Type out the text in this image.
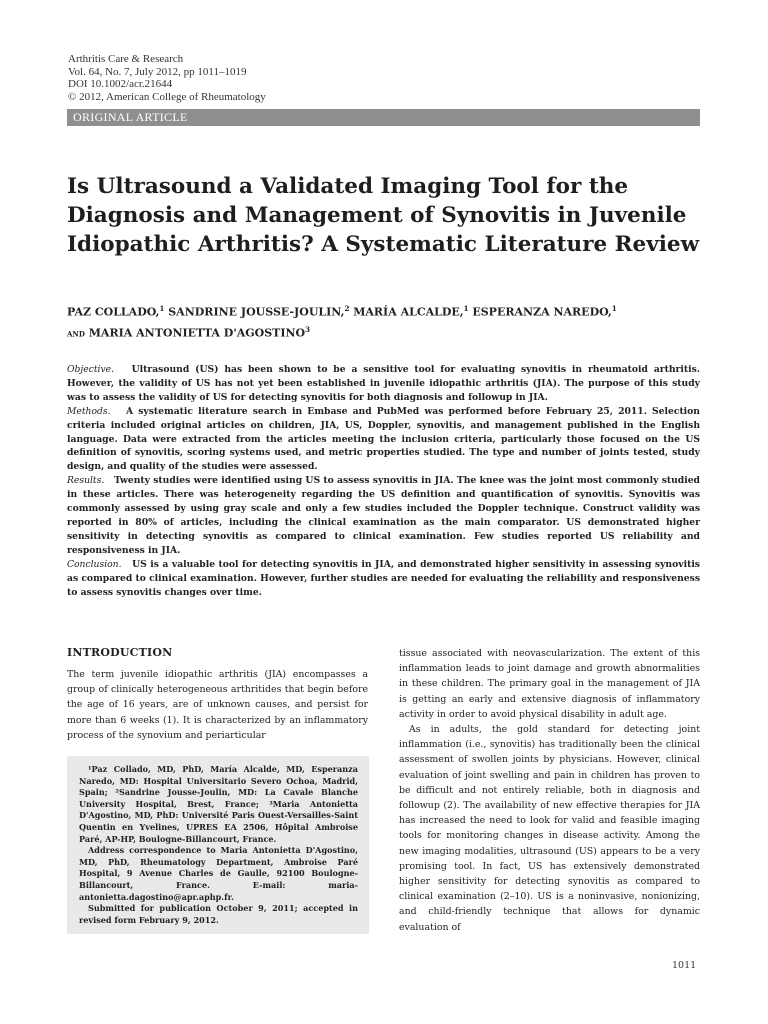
Arthritis Care & Research
Vol. 64, No. 7, July 2012, pp 1011–1019
DOI 10.1002/acr.21644
© 2012, American College of Rheumatology
ORIGINAL ARTICLE
Is Ultrasound a Validated Imaging Tool for the Diagnosis and Management of Synovitis in Juvenile Idiopathic Arthritis? A Systematic Literature Review
PAZ COLLADO,$^1$ SANDRINE JOUSSE-JOULIN,$^2$ MARÍA ALCALDE,$^1$ ESPERANZA NAREDO,$^1$
and MARIA ANTONIETTA D'AGOSTINO$^3$

Objective. Ultrasound (US) has been shown to be a sensitive tool for evaluating synovitis in rheumatoid arthritis. However, the validity of US has not yet been established in juvenile idiopathic arthritis (JIA). The purpose of this study was to assess the validity of US for detecting synovitis for both diagnosis and followup in JIA.

Methods. A systematic literature search in Embase and PubMed was performed before February 25, 2011. Selection criteria included original articles on children, JIA, US, Doppler, synovitis, and management published in the English language. Data were extracted from the articles meeting the inclusion criteria, particularly those focused on the US definition of synovitis, scoring systems used, and metric properties studied. The type and number of joints tested, study design, and quality of the studies were assessed.

Results. Twenty studies were identified using US to assess synovitis in JIA. The knee was the joint most commonly studied in these articles. There was heterogeneity regarding the US definition and quantification of synovitis. Synovitis was commonly assessed by using gray scale and only a few studies included the Doppler technique. Construct validity was reported in 80% of articles, including the clinical examination as the main comparator. US demonstrated higher sensitivity in detecting synovitis as compared to clinical examination. Few studies reported US reliability and responsiveness in JIA.

Conclusion. US is a valuable tool for detecting synovitis in JIA, and demonstrated higher sensitivity in assessing synovitis as compared to clinical examination. However, further studies are needed for evaluating the reliability and responsiveness to assess synovitis changes over time.

INTRODUCTION

The term juvenile idiopathic arthritis (JIA) encompasses a group of clinically heterogeneous arthritides that begin before the age of 16 years, are of unknown causes, and persist for more than 6 weeks (1). It is characterized by an inflammatory process of the synovium and periarticular

¹Paz Collado, MD, PhD, María Alcalde, MD, Esperanza Naredo, MD: Hospital Universitario Severo Ochoa, Madrid, Spain; ²Sandrine Jousse-Joulin, MD: La Cavale Blanche University Hospital, Brest, France; ³Maria Antonietta D'Agostino, MD, PhD: Université Paris Ouest-Versailles-Saint Quentin en Yvelines, UPRES EA 2506, Hôpital Ambroise Paré, AP-HP, Boulogne-Billancourt, France.

Address correspondence to Maria Antonietta D'Agostino, MD, PhD, Rheumatology Department, Ambroise Paré Hospital, 9 Avenue Charles de Gaulle, 92100 Boulogne-Billancourt, France. E-mail: maria-antonietta.dagostino@apr.aphp.fr.

Submitted for publication October 9, 2011; accepted in revised form February 9, 2012.

tissue associated with neovascularization. The extent of this inflammation leads to joint damage and growth abnormalities in these children. The primary goal in the management of JIA is getting an early and extensive diagnosis of inflammatory activity in order to avoid physical disability in adult age.

As in adults, the gold standard for detecting joint inflammation (i.e., synovitis) has traditionally been the clinical assessment of swollen joints by physicians. However, clinical evaluation of joint swelling and pain in children has proven to be difficult and not entirely reliable, both in diagnosis and followup (2). The availability of new effective therapies for JIA has increased the need to look for valid and feasible imaging tools for monitoring changes in disease activity. Among the new imaging modalities, ultrasound (US) appears to be a very promising tool. In fact, US has extensively demonstrated higher sensitivity for detecting synovitis as compared to clinical examination (2–10). US is a noninvasive, nonionizing, and child-friendly technique that allows for dynamic evaluation of

1011
